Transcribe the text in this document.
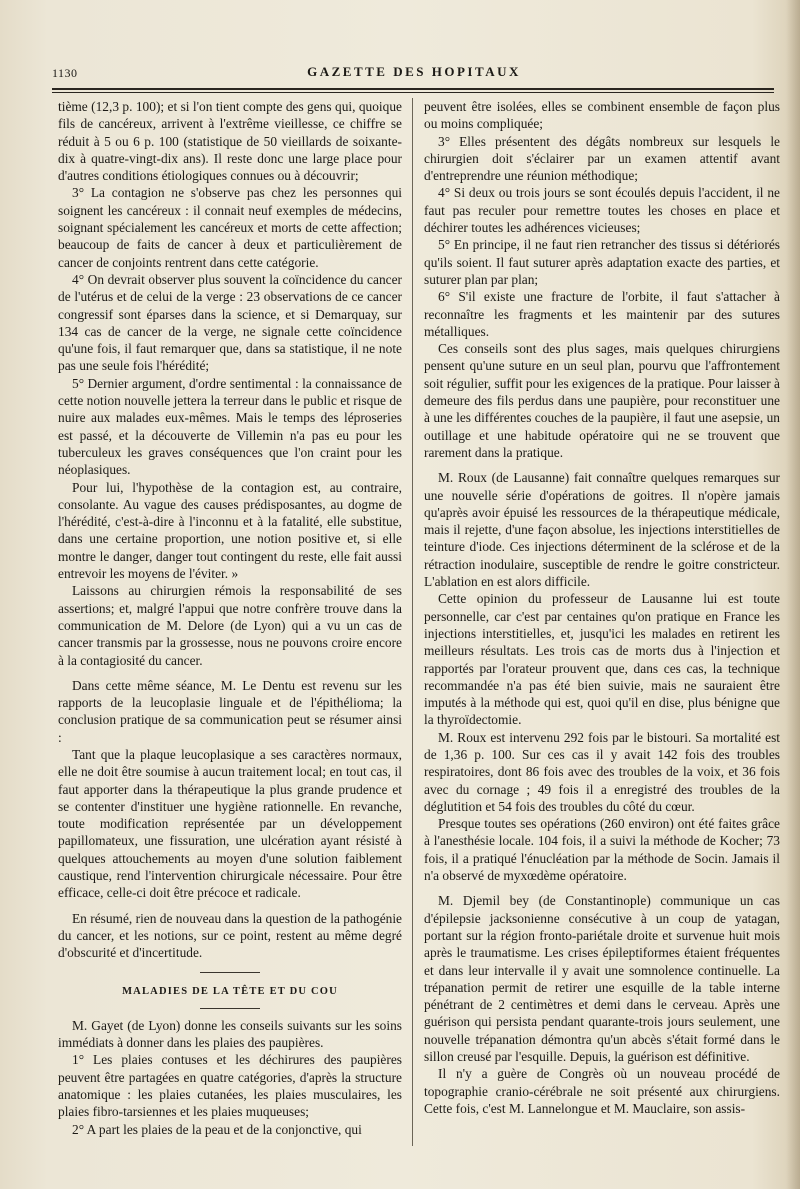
1130	GAZETTE DES HOPITAUX

tième (12,3 p. 100); et si l'on tient compte des gens qui, quoique fils de cancéreux, arrivent à l'extrême vieillesse, ce chiffre se réduit à 5 ou 6 p. 100 (statistique de 50 vieillards de soixante-dix à quatre-vingt-dix ans). Il reste donc une large place pour d'autres conditions étiologiques connues ou à découvrir;

3° La contagion ne s'observe pas chez les personnes qui soignent les cancéreux : il connait neuf exemples de médecins, soignant spécialement les cancéreux et morts de cette affection; beaucoup de faits de cancer à deux et particulièrement de cancer de conjoints rentrent dans cette catégorie.

4° On devrait observer plus souvent la coïncidence du cancer de l'utérus et de celui de la verge : 23 observations de ce cancer congressif sont éparses dans la science, et si Demarquay, sur 134 cas de cancer de la verge, ne signale cette coïncidence qu'une fois, il faut remarquer que, dans sa statistique, il ne note pas une seule fois l'hérédité;

5° Dernier argument, d'ordre sentimental : la connaissance de cette notion nouvelle jettera la terreur dans le public et risque de nuire aux malades eux-mêmes. Mais le temps des léproseries est passé, et la découverte de Villemin n'a pas eu pour les tuberculeux les graves conséquences que l'on craint pour les néoplasiques.

Pour lui, l'hypothèse de la contagion est, au contraire, consolante. Au vague des causes prédisposantes, au dogme de l'hérédité, c'est-à-dire à l'inconnu et à la fatalité, elle substitue, dans une certaine proportion, une notion positive et, si elle montre le danger, danger tout contingent du reste, elle fait aussi entrevoir les moyens de l'éviter. »

Laissons au chirurgien rémois la responsabilité de ses assertions; et, malgré l'appui que notre confrère trouve dans la communication de M. Delore (de Lyon) qui a vu un cas de cancer transmis par la grossesse, nous ne pouvons croire encore à la contagiosité du cancer.

Dans cette même séance, M. Le Dentu est revenu sur les rapports de la leucoplasie linguale et de l'épithélioma; la conclusion pratique de sa communication peut se résumer ainsi :

Tant que la plaque leucoplasique a ses caractères normaux, elle ne doit être soumise à aucun traitement local; en tout cas, il faut apporter dans la thérapeutique la plus grande prudence et se contenter d'instituer une hygiène rationnelle. En revanche, toute modification représentée par un développement papillomateux, une fissuration, une ulcération ayant résisté à quelques attouchements au moyen d'une solution faiblement caustique, rend l'intervention chirurgicale nécessaire. Pour être efficace, celle-ci doit être précoce et radicale.

En résumé, rien de nouveau dans la question de la pathogénie du cancer, et les notions, sur ce point, restent au même degré d'obscurité et d'incertitude.

MALADIES DE LA TÊTE ET DU COU

M. Gayet (de Lyon) donne les conseils suivants sur les soins immédiats à donner dans les plaies des paupières.

1° Les plaies contuses et les déchirures des paupières peuvent être partagées en quatre catégories, d'après la structure anatomique : les plaies cutanées, les plaies musculaires, les plaies fibro-tarsiennes et les plaies muqueuses;

2° A part les plaies de la peau et de la conjonctive, qui

peuvent être isolées, elles se combinent ensemble de façon plus ou moins compliquée;

3° Elles présentent des dégâts nombreux sur lesquels le chirurgien doit s'éclairer par un examen attentif avant d'entreprendre une réunion méthodique;

4° Si deux ou trois jours se sont écoulés depuis l'accident, il ne faut pas reculer pour remettre toutes les choses en place et déchirer toutes les adhérences vicieuses;

5° En principe, il ne faut rien retrancher des tissus si détériorés qu'ils soient. Il faut suturer après adaptation exacte des parties, et suturer plan par plan;

6° S'il existe une fracture de l'orbite, il faut s'attacher à reconnaître les fragments et les maintenir par des sutures métalliques.

Ces conseils sont des plus sages, mais quelques chirurgiens pensent qu'une suture en un seul plan, pourvu que l'affrontement soit régulier, suffit pour les exigences de la pratique. Pour laisser à demeure des fils perdus dans une paupière, pour reconstituer une à une les différentes couches de la paupière, il faut une asepsie, un outillage et une habitude opératoire qui ne se trouvent que rarement dans la pratique.

M. Roux (de Lausanne) fait connaître quelques remarques sur une nouvelle série d'opérations de goitres. Il n'opère jamais qu'après avoir épuisé les ressources de la thérapeutique médicale, mais il rejette, d'une façon absolue, les injections interstitielles de teinture d'iode. Ces injections déterminent de la sclérose et de la rétraction inodulaire, susceptible de rendre le goitre constricteur. L'ablation en est alors difficile.

Cette opinion du professeur de Lausanne lui est toute personnelle, car c'est par centaines qu'on pratique en France les injections interstitielles, et, jusqu'ici les malades en retirent les meilleurs résultats. Les trois cas de morts dus à l'injection et rapportés par l'orateur prouvent que, dans ces cas, la technique recommandée n'a pas été bien suivie, mais ne sauraient être imputés à la méthode qui est, quoi qu'il en dise, plus bénigne que la thyroïdectomie.

M. Roux est intervenu 292 fois par le bistouri. Sa mortalité est de 1,36 p. 100. Sur ces cas il y avait 142 fois des troubles respiratoires, dont 86 fois avec des troubles de la voix, et 36 fois avec du cornage ; 49 fois il a enregistré des troubles de la déglutition et 54 fois des troubles du côté du cœur.

Presque toutes ses opérations (260 environ) ont été faites grâce à l'anesthésie locale. 104 fois, il a suivi la méthode de Kocher; 73 fois, il a pratiqué l'énucléation par la méthode de Socin. Jamais il n'a observé de myxœdème opératoire.

M. Djemil bey (de Constantinople) communique un cas d'épilepsie jacksonienne consécutive à un coup de yatagan, portant sur la région fronto-pariétale droite et survenue huit mois après le traumatisme. Les crises épileptiformes étaient fréquentes et dans leur intervalle il y avait une somnolence continuelle. La trépanation permit de retirer une esquille de la table interne pénétrant de 2 centimètres et demi dans le cerveau. Après une guérison qui persista pendant quarante-trois jours seulement, une nouvelle trépanation démontra qu'un abcès s'était formé dans le sillon creusé par l'esquille. Depuis, la guérison est définitive.

Il n'y a guère de Congrès où un nouveau procédé de topographie cranio-cérébrale ne soit présenté aux chirurgiens. Cette fois, c'est M. Lannelongue et M. Mauclaire, son assis-
